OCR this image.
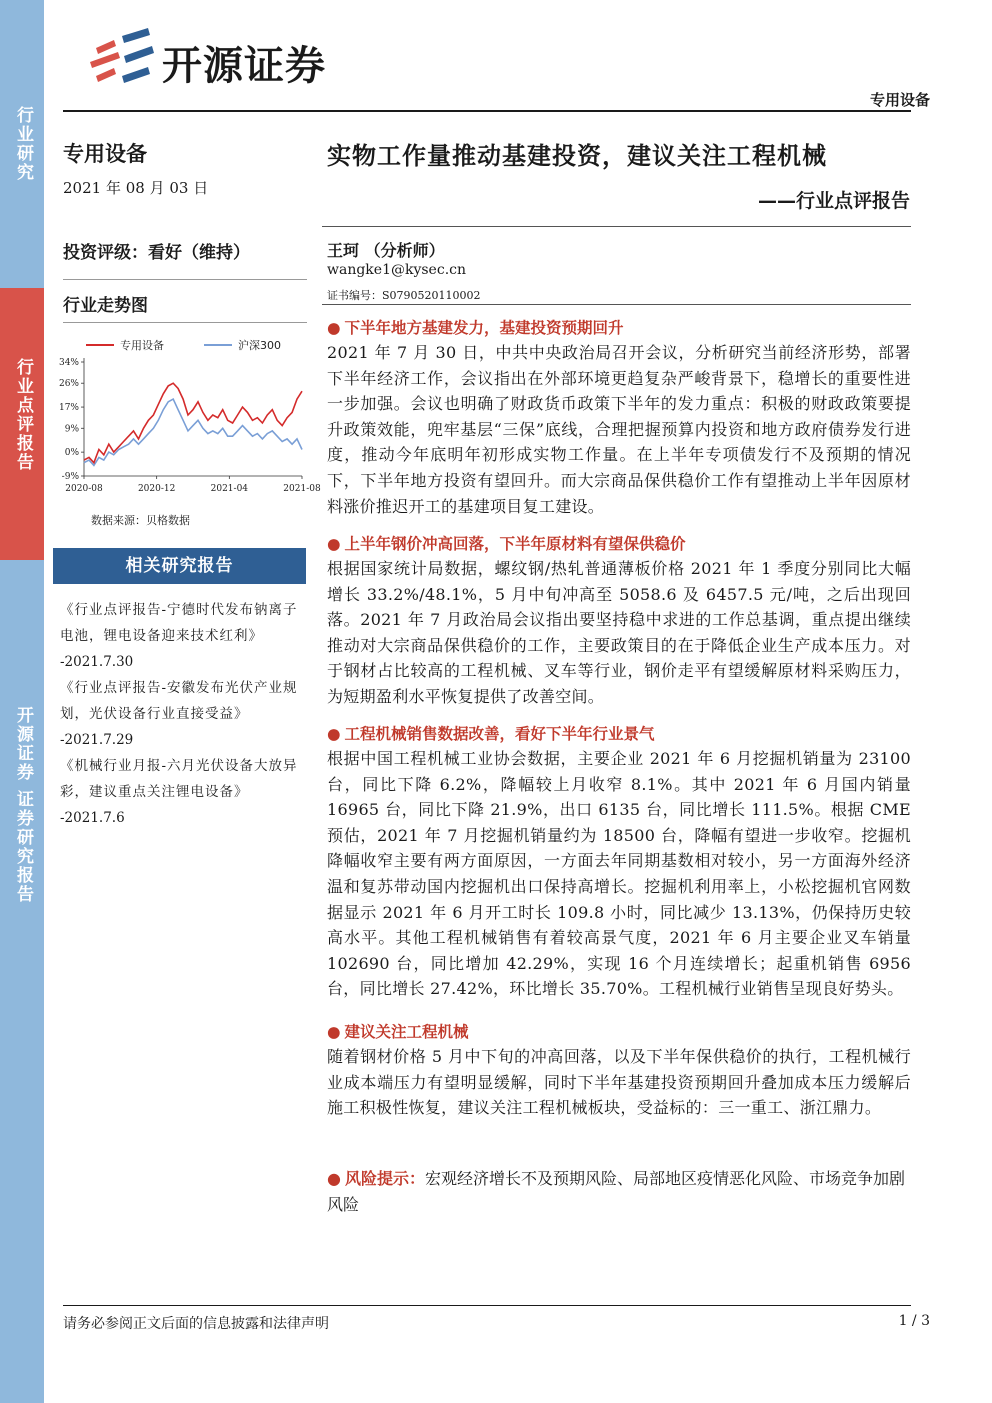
行业研究
行业点评报告
开源证券 证券研究报告
开源证券
专用设备
专用设备
2021 年 08 月 03 日
投资评级：看好（维持）
行业走势图
34%
26%
17%
9%
0%
-9%
2020-08	2020-12	2021-04	2021-08
专用设备	沪深300
数据来源：贝格数据
相关研究报告
《行业点评报告-宁德时代发布钠离子电池，锂电设备迎来技术红利》
-2021.7.30
《行业点评报告-安徽发布光伏产业规划，光伏设备行业直接受益》
-2021.7.29
《机械行业月报-六月光伏设备大放异彩，建议重点关注锂电设备》
-2021.7.6
实物工作量推动基建投资，建议关注工程机械
——行业点评报告
王珂 （分析师）
wangke1@kysec.cn
证书编号：S0790520110002
● 下半年地方基建发力，基建投资预期回升
2021 年 7 月 30 日，中共中央政治局召开会议，分析研究当前经济形势，部署下半年经济工作，会议指出在外部环境更趋复杂严峻背景下，稳增长的重要性进一步加强。会议也明确了财政货币政策下半年的发力重点：积极的财政政策要提升政策效能，兜牢基层“三保”底线，合理把握预算内投资和地方政府债券发行进度，推动今年底明年初形成实物工作量。在上半年专项债发行不及预期的情况下，下半年地方投资有望回升。而大宗商品保供稳价工作有望推动上半年因原材料涨价推迟开工的基建项目复工建设。
● 上半年钢价冲高回落，下半年原材料有望保供稳价
根据国家统计局数据，螺纹钢/热轧普通薄板价格 2021 年 1 季度分别同比大幅增长 33.2%/48.1%，5 月中旬冲高至 5058.6 及 6457.5 元/吨，之后出现回落。2021 年 7 月政治局会议指出要坚持稳中求进的工作总基调，重点提出继续推动对大宗商品保供稳价的工作，主要政策目的在于降低企业生产成本压力。对于钢材占比较高的工程机械、叉车等行业，钢价走平有望缓解原材料采购压力，为短期盈利水平恢复提供了改善空间。
● 工程机械销售数据改善，看好下半年行业景气
根据中国工程机械工业协会数据，主要企业 2021 年 6 月挖掘机销量为 23100 台，同比下降 6.2%，降幅较上月收窄 8.1%。其中 2021 年 6 月国内销量 16965 台，同比下降 21.9%，出口 6135 台，同比增长 111.5%。根据 CME 预估，2021 年 7 月挖掘机销量约为 18500 台，降幅有望进一步收窄。挖掘机降幅收窄主要有两方面原因，一方面去年同期基数相对较小，另一方面海外经济温和复苏带动国内挖掘机出口保持高增长。挖掘机利用率上，小松挖掘机官网数据显示 2021 年 6 月开工时长 109.8 小时，同比减少 13.13%，仍保持历史较高水平。其他工程机械销售有着较高景气度，2021 年 6 月主要企业叉车销量 102690 台，同比增加 42.29%，实现 16 个月连续增长；起重机销售 6956 台，同比增长 27.42%，环比增长 35.70%。工程机械行业销售呈现良好势头。
● 建议关注工程机械
随着钢材价格 5 月中下旬的冲高回落，以及下半年保供稳价的执行，工程机械行业成本端压力有望明显缓解，同时下半年基建投资预期回升叠加成本压力缓解后施工积极性恢复，建议关注工程机械板块，受益标的：三一重工、浙江鼎力。
● 风险提示：宏观经济增长不及预期风险、局部地区疫情恶化风险、市场竞争加剧风险
请务必参阅正文后面的信息披露和法律声明	1 / 3
